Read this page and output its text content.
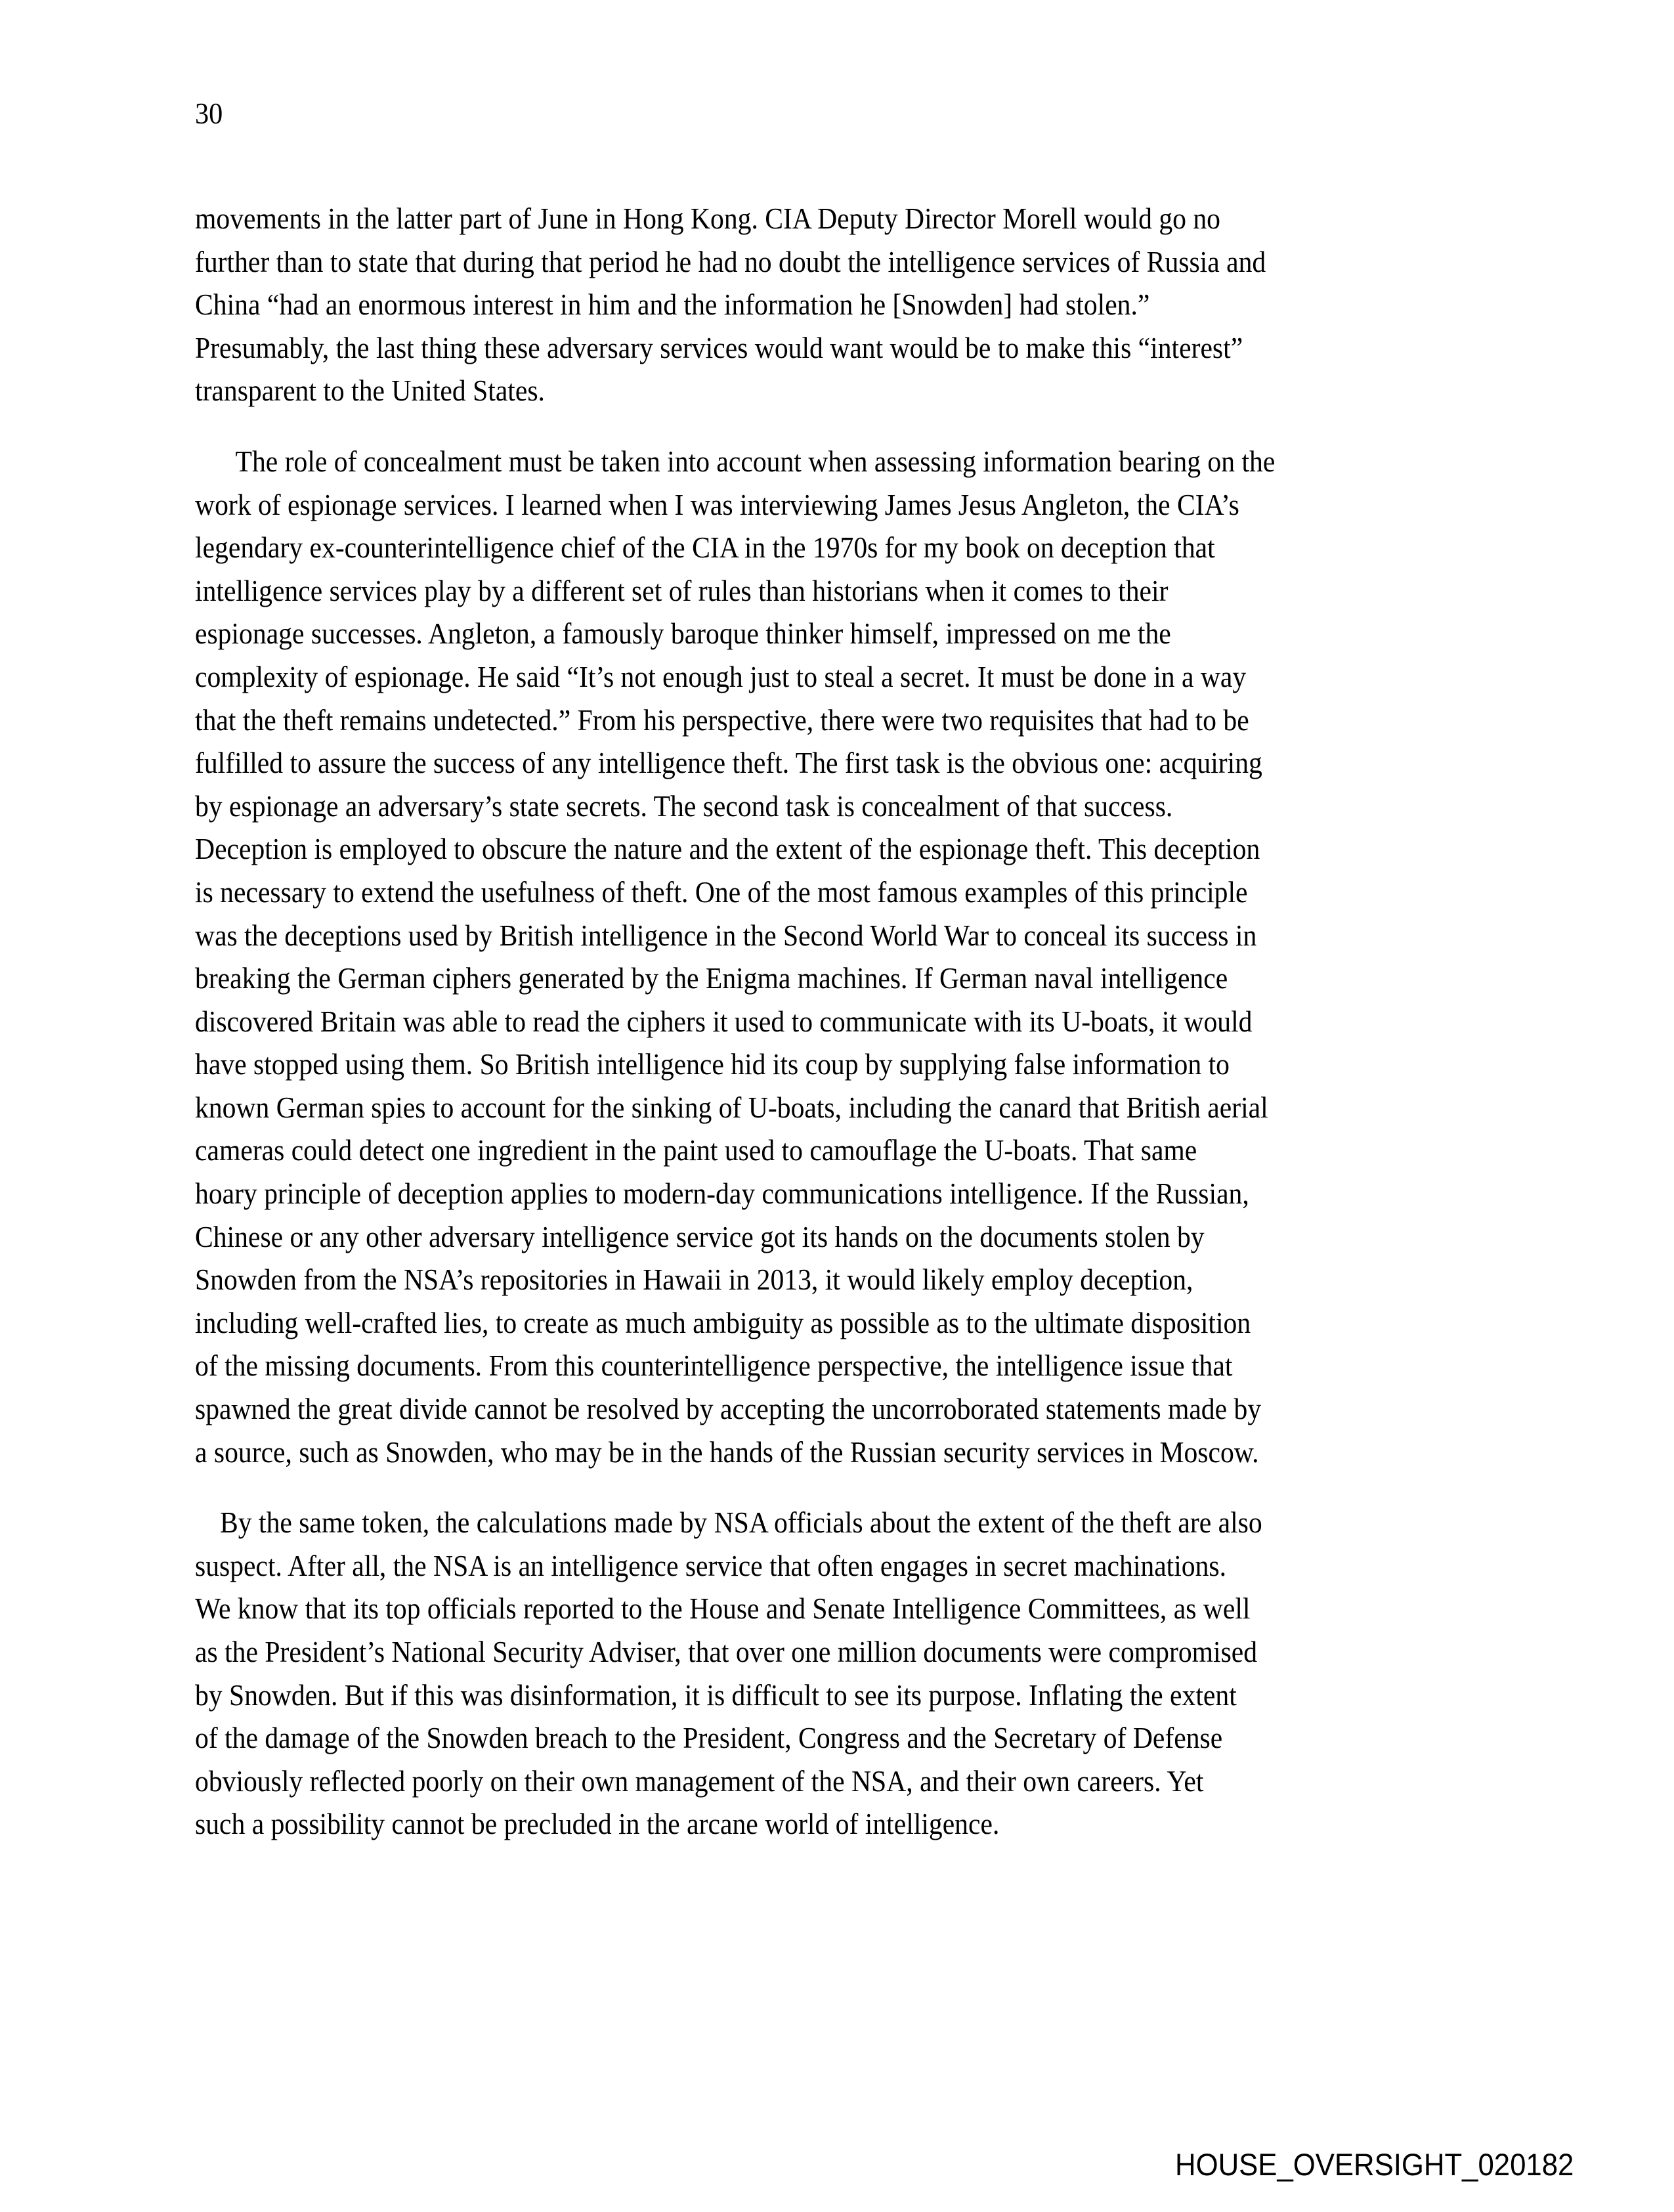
30
movements in the latter part of June in Hong Kong. CIA Deputy Director Morell would go no
further than to state that during that period he had no doubt the intelligence services of Russia and
China “had an enormous interest in him and the information he [Snowden] had stolen.”
Presumably, the last thing these adversary services would want would be to make this “interest”
transparent to the United States.
The role of concealment must be taken into account when assessing information bearing on the
work of espionage services. I learned when I was interviewing James Jesus Angleton, the CIA’s
legendary ex-counterintelligence chief of the CIA in the 1970s for my book on deception that
intelligence services play by a different set of rules than historians when it comes to their
espionage successes. Angleton, a famously baroque thinker himself, impressed on me the
complexity of espionage. He said “It’s not enough just to steal a secret. It must be done in a way
that the theft remains undetected.” From his perspective, there were two requisites that had to be
fulfilled to assure the success of any intelligence theft. The first task is the obvious one: acquiring
by espionage an adversary’s state secrets. The second task is concealment of that success.
Deception is employed to obscure the nature and the extent of the espionage theft. This deception
is necessary to extend the usefulness of theft. One of the most famous examples of this principle
was the deceptions used by British intelligence in the Second World War to conceal its success in
breaking the German ciphers generated by the Enigma machines. If German naval intelligence
discovered Britain was able to read the ciphers it used to communicate with its U-boats, it would
have stopped using them. So British intelligence hid its coup by supplying false information to
known German spies to account for the sinking of U-boats, including the canard that British aerial
cameras could detect one ingredient in the paint used to camouflage the U-boats. That same
hoary principle of deception applies to modern-day communications intelligence. If the Russian,
Chinese or any other adversary intelligence service got its hands on the documents stolen by
Snowden from the NSA’s repositories in Hawaii in 2013, it would likely employ deception,
including well-crafted lies, to create as much ambiguity as possible as to the ultimate disposition
of the missing documents. From this counterintelligence perspective, the intelligence issue that
spawned the great divide cannot be resolved by accepting the uncorroborated statements made by
a source, such as Snowden, who may be in the hands of the Russian security services in Moscow.
By the same token, the calculations made by NSA officials about the extent of the theft are also
suspect. After all, the NSA is an intelligence service that often engages in secret machinations.
We know that its top officials reported to the House and Senate Intelligence Committees, as well
as the President’s National Security Adviser, that over one million documents were compromised
by Snowden. But if this was disinformation, it is difficult to see its purpose. Inflating the extent
of the damage of the Snowden breach to the President, Congress and the Secretary of Defense
obviously reflected poorly on their own management of the NSA, and their own careers. Yet
such a possibility cannot be precluded in the arcane world of intelligence.
HOUSE_OVERSIGHT_020182
